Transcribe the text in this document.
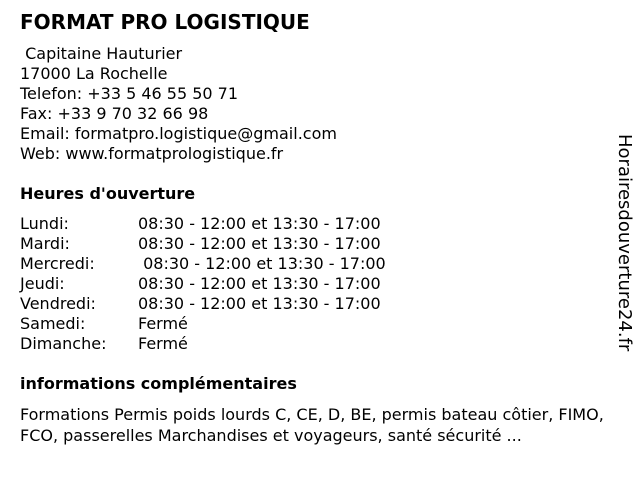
FORMAT PRO LOGISTIQUE
Capitaine Hauturier
17000 La Rochelle
Telefon: +33 5 46 55 50 71
Fax: +33 9 70 32 66 98
Email: formatpro.logistique@gmail.com
Web: www.formatprologistique.fr
Heures d'ouverture
Lundi:	08:30 - 12:00 et 13:30 - 17:00
Mardi:	08:30 - 12:00 et 13:30 - 17:00
Mercredi:	08:30 - 12:00 et 13:30 - 17:00
Jeudi:	08:30 - 12:00 et 13:30 - 17:00
Vendredi:	08:30 - 12:00 et 13:30 - 17:00
Samedi:	Fermé
Dimanche:	Fermé
informations complémentaires
Formations Permis poids lourds C, CE, D, BE, permis bateau côtier, FIMO, FCO, passerelles Marchandises et voyageurs, santé sécurité ...
Horairesdouverture24.fr
